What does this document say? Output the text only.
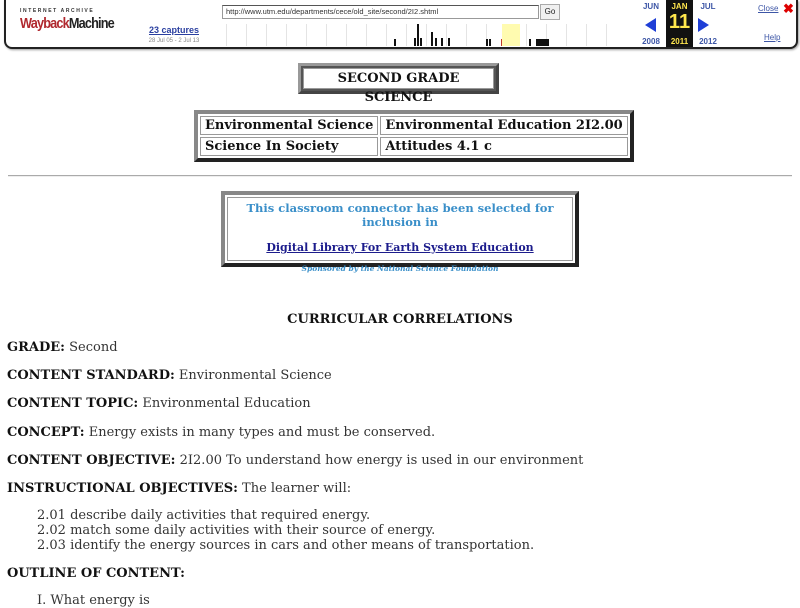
INTERNET ARCHIVE
WaybackMachine	23 captures
28 Jul 05 - 2 Jul 13
http://www.utm.edu/departments/cece/old_site/second/2I2.shtml	Go
JUN
2008
JAN
11
2011
JUL
2012
Close ✖
Help
SECOND GRADE SCIENCE
Environmental Science	Environmental Education 2I2.00
Science In Society	Attitudes 4.1 c
This classroom connector has been selected for inclusion in
Digital Library For Earth System Education
Sponsored by the National Science Foundation
CURRICULAR CORRELATIONS
GRADE: Second
CONTENT STANDARD: Environmental Science
CONTENT TOPIC: Environmental Education
CONCEPT: Energy exists in many types and must be conserved.
CONTENT OBJECTIVE: 2I2.00 To understand how energy is used in our environment
INSTRUCTIONAL OBJECTIVES: The learner will:
2.01 describe daily activities that required energy.
2.02 match some daily activities with their source of energy.
2.03 identify the energy sources in cars and other means of transportation.
OUTLINE OF CONTENT:
I. What energy is
